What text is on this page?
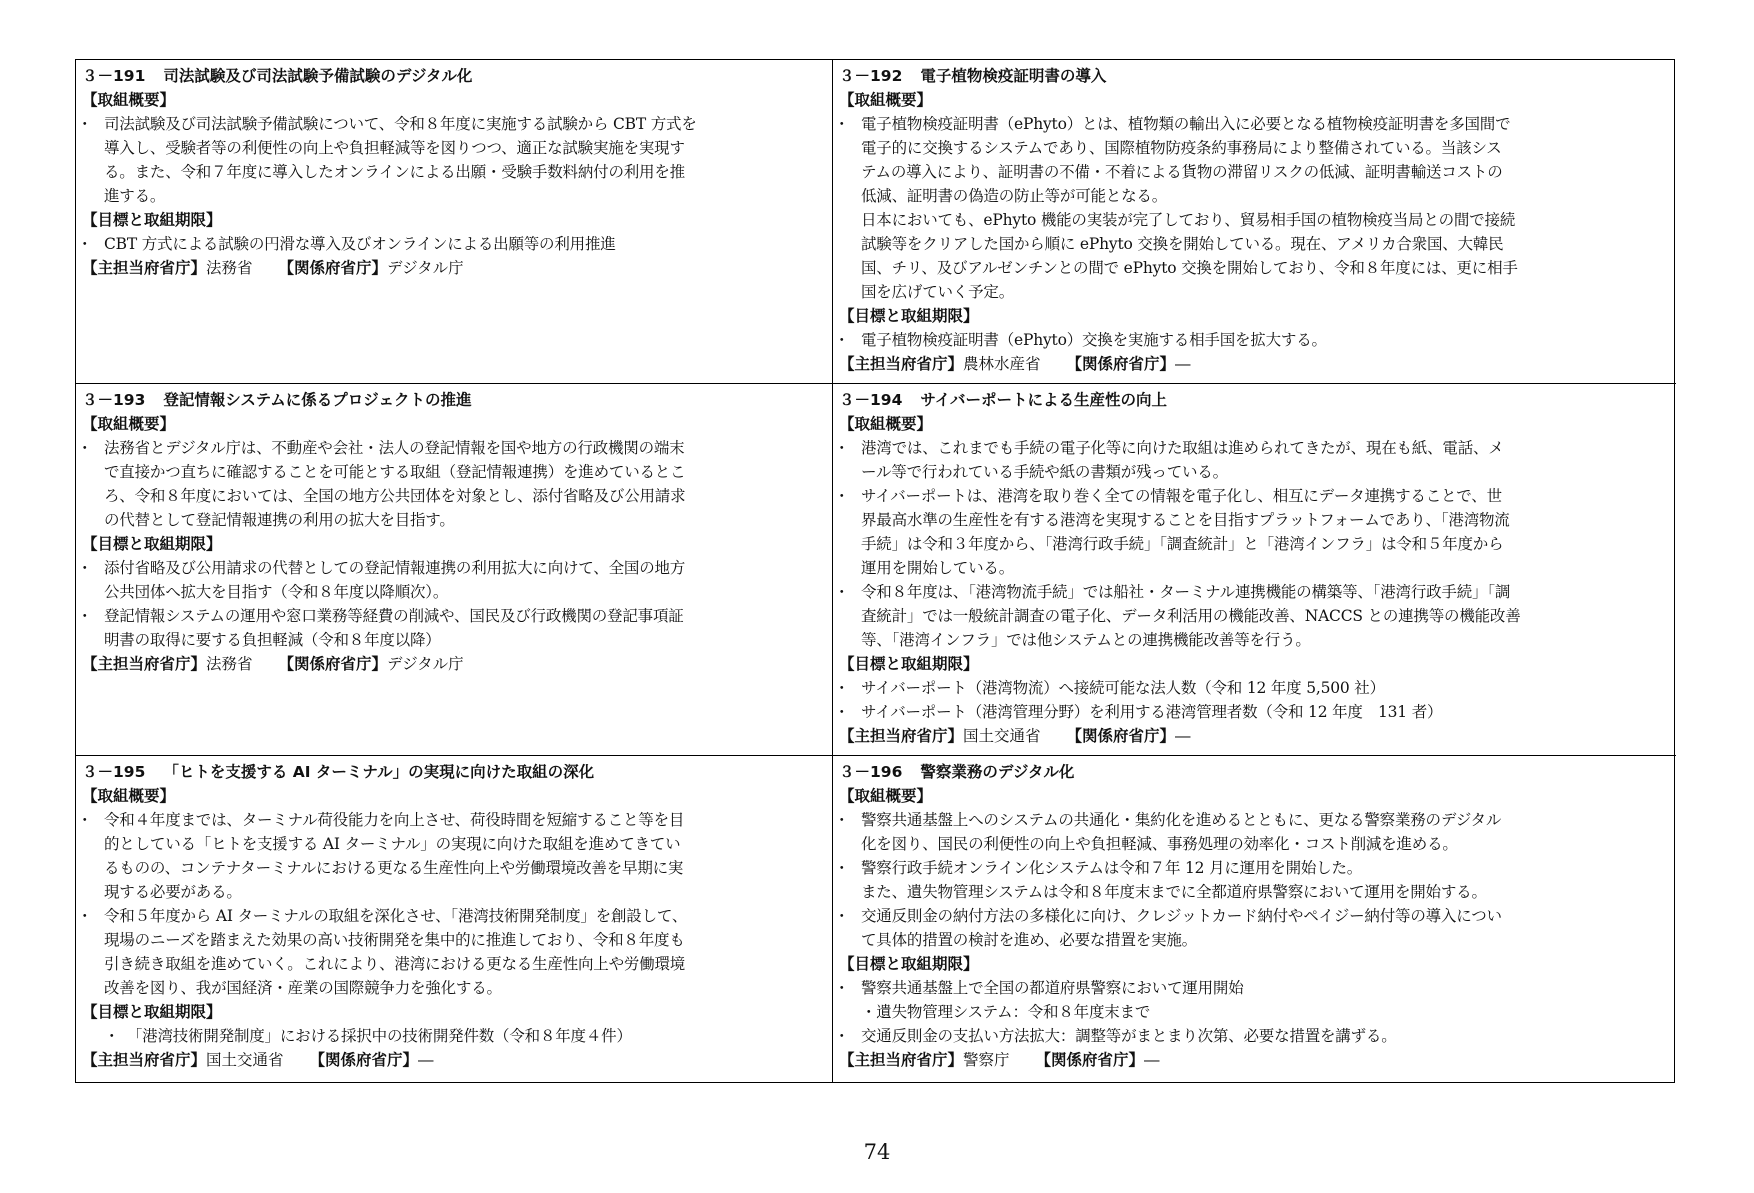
３－191 司法試験及び司法試験予備試験のデジタル化
【取組概要】
・ 司法試験及び司法試験予備試験について、令和８年度に実施する試験から CBT 方式を
導入し、受験者等の利便性の向上や負担軽減等を図りつつ、適正な試験実施を実現す
る。また、令和７年度に導入したオンラインによる出願・受験手数料納付の利用を推
進する。
【目標と取組期限】
・ CBT 方式による試験の円滑な導入及びオンラインによる出願等の利用推進
【主担当府省庁】法務省 【関係府省庁】デジタル庁
３－192 電子植物検疫証明書の導入
【取組概要】
・ 電子植物検疫証明書（ePhyto）とは、植物類の輸出入に必要となる植物検疫証明書を多国間で
電子的に交換するシステムであり、国際植物防疫条約事務局により整備されている。当該シス
テムの導入により、証明書の不備・不着による貨物の滞留リスクの低減、証明書輸送コストの
低減、証明書の偽造の防止等が可能となる。
日本においても、ePhyto 機能の実装が完了しており、貿易相手国の植物検疫当局との間で接続
試験等をクリアした国から順に ePhyto 交換を開始している。現在、アメリカ合衆国、大韓民
国、チリ、及びアルゼンチンとの間で ePhyto 交換を開始しており、令和８年度には、更に相手
国を広げていく予定。
【目標と取組期限】
・ 電子植物検疫証明書（ePhyto）交換を実施する相手国を拡大する。
【主担当府省庁】農林水産省 【関係府省庁】―
３－193 登記情報システムに係るプロジェクトの推進
【取組概要】
・ 法務省とデジタル庁は、不動産や会社・法人の登記情報を国や地方の行政機関の端末
で直接かつ直ちに確認することを可能とする取組（登記情報連携）を進めているとこ
ろ、令和８年度においては、全国の地方公共団体を対象とし、添付省略及び公用請求
の代替として登記情報連携の利用の拡大を目指す。
【目標と取組期限】
・ 添付省略及び公用請求の代替としての登記情報連携の利用拡大に向けて、全国の地方
公共団体へ拡大を目指す（令和８年度以降順次）。
・ 登記情報システムの運用や窓口業務等経費の削減や、国民及び行政機関の登記事項証
明書の取得に要する負担軽減（令和８年度以降）
【主担当府省庁】法務省 【関係府省庁】デジタル庁
３－194 サイバーポートによる生産性の向上
【取組概要】
・ 港湾では、これまでも手続の電子化等に向けた取組は進められてきたが、現在も紙、電話、メ
ール等で行われている手続や紙の書類が残っている。
・ サイバーポートは、港湾を取り巻く全ての情報を電子化し、相互にデータ連携することで、世
界最高水準の生産性を有する港湾を実現することを目指すプラットフォームであり、「港湾物流
手続」は令和３年度から、「港湾行政手続」「調査統計」と「港湾インフラ」は令和５年度から
運用を開始している。
・ 令和８年度は、「港湾物流手続」では船社・ターミナル連携機能の構築等、「港湾行政手続」「調
査統計」では一般統計調査の電子化、データ利活用の機能改善、NACCS との連携等の機能改善
等、「港湾インフラ」では他システムとの連携機能改善等を行う。
【目標と取組期限】
・ サイバーポート（港湾物流）へ接続可能な法人数（令和 12 年度 5,500 社）
・ サイバーポート（港湾管理分野）を利用する港湾管理者数（令和 12 年度　131 者）
【主担当府省庁】国土交通省 【関係府省庁】―
３－195 「ヒトを支援する AI ターミナル」の実現に向けた取組の深化
【取組概要】
・ 令和４年度までは、ターミナル荷役能力を向上させ、荷役時間を短縮すること等を目
的としている「ヒトを支援する AI ターミナル」の実現に向けた取組を進めてきてい
るものの、コンテナターミナルにおける更なる生産性向上や労働環境改善を早期に実
現する必要がある。
・ 令和５年度から AI ターミナルの取組を深化させ、「港湾技術開発制度」を創設して、
現場のニーズを踏まえた効果の高い技術開発を集中的に推進しており、令和８年度も
引き続き取組を進めていく。これにより、港湾における更なる生産性向上や労働環境
改善を図り、我が国経済・産業の国際競争力を強化する。
【目標と取組期限】
・　「港湾技術開発制度」における採択中の技術開発件数（令和８年度４件）
【主担当府省庁】国土交通省 【関係府省庁】―
３－196 警察業務のデジタル化
【取組概要】
・ 警察共通基盤上へのシステムの共通化・集約化を進めるとともに、更なる警察業務のデジタル
化を図り、国民の利便性の向上や負担軽減、事務処理の効率化・コスト削減を進める。
・ 警察行政手続オンライン化システムは令和７年 12 月に運用を開始した。
また、遺失物管理システムは令和８年度末までに全都道府県警察において運用を開始する。
・ 交通反則金の納付方法の多様化に向け、クレジットカード納付やペイジー納付等の導入につい
て具体的措置の検討を進め、必要な措置を実施。
【目標と取組期限】
・ 警察共通基盤上で全国の都道府県警察において運用開始
・遺失物管理システム：令和８年度末まで
・ 交通反則金の支払い方法拡大：調整等がまとまり次第、必要な措置を講ずる。
【主担当府省庁】警察庁 【関係府省庁】―
74
